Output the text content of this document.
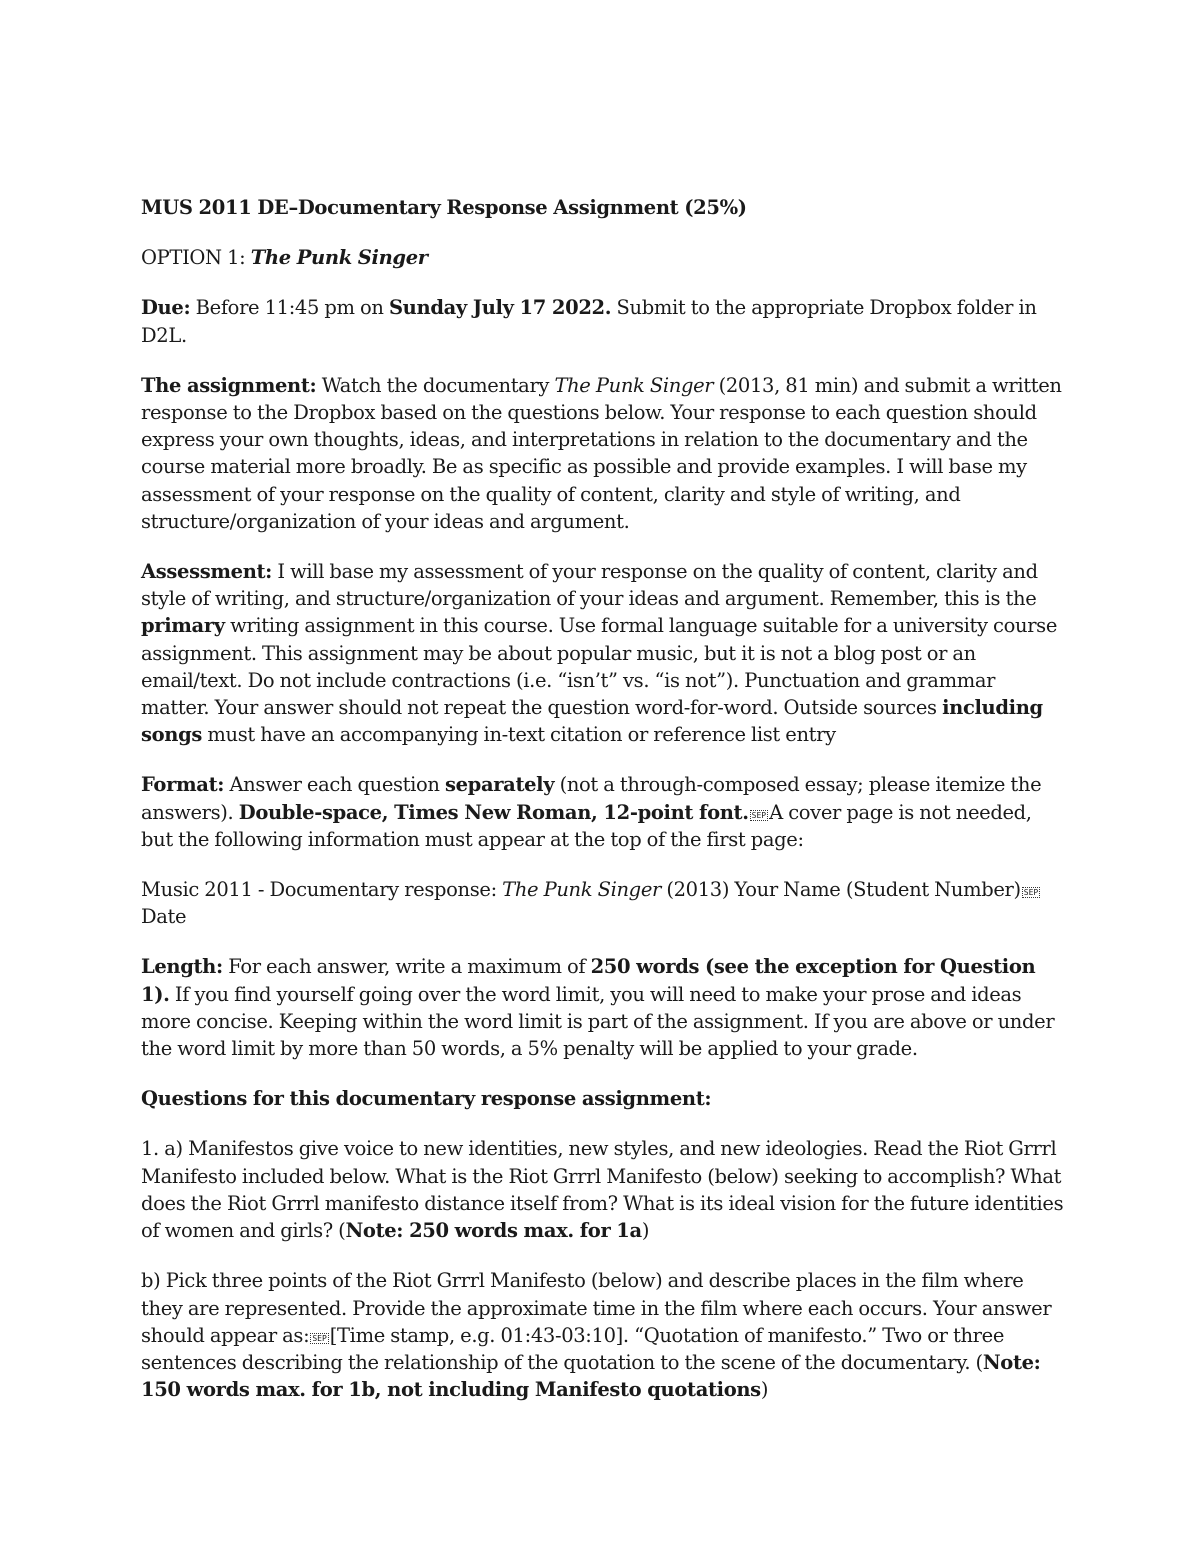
MUS 2011 DE–Documentary Response Assignment (25%)

OPTION 1: The Punk Singer

Due: Before 11:45 pm on Sunday July 17 2022. Submit to the appropriate Dropbox folder in D2L.

The assignment: Watch the documentary The Punk Singer (2013, 81 min) and submit a written response to the Dropbox based on the questions below. Your response to each question should express your own thoughts, ideas, and interpretations in relation to the documentary and the course material more broadly. Be as specific as possible and provide examples. I will base my assessment of your response on the quality of content, clarity and style of writing, and structure/organization of your ideas and argument.

Assessment: I will base my assessment of your response on the quality of content, clarity and style of writing, and structure/organization of your ideas and argument. Remember, this is the primary writing assignment in this course. Use formal language suitable for a university course assignment. This assignment may be about popular music, but it is not a blog post or an email/text. Do not include contractions (i.e. “isn’t” vs. “is not”). Punctuation and grammar matter. Your answer should not repeat the question word-for-word. Outside sources including songs must have an accompanying in-text citation or reference list entry

Format: Answer each question separately (not a through-composed essay; please itemize the answers). Double-space, Times New Roman, 12-point font. SEP A cover page is not needed, but the following information must appear at the top of the first page:

Music 2011 - Documentary response: The Punk Singer (2013) Your Name (Student Number) SEPDate

Length: For each answer, write a maximum of 250 words (see the exception for Question 1). If you find yourself going over the word limit, you will need to make your prose and ideas more concise. Keeping within the word limit is part of the assignment. If you are above or under the word limit by more than 50 words, a 5% penalty will be applied to your grade.

Questions for this documentary response assignment:

1. a) Manifestos give voice to new identities, new styles, and new ideologies. Read the Riot Grrrl Manifesto included below. What is the Riot Grrrl Manifesto (below) seeking to accomplish? What does the Riot Grrrl manifesto distance itself from? What is its ideal vision for the future identities of women and girls? (Note: 250 words max. for 1a)

b) Pick three points of the Riot Grrrl Manifesto (below) and describe places in the film where they are represented. Provide the approximate time in the film where each occurs. Your answer should appear as: SEP [Time stamp, e.g. 01:43-03:10]. “Quotation of manifesto.” Two or three sentences describing the relationship of the quotation to the scene of the documentary. (Note: 150 words max. for 1b, not including Manifesto quotations)
